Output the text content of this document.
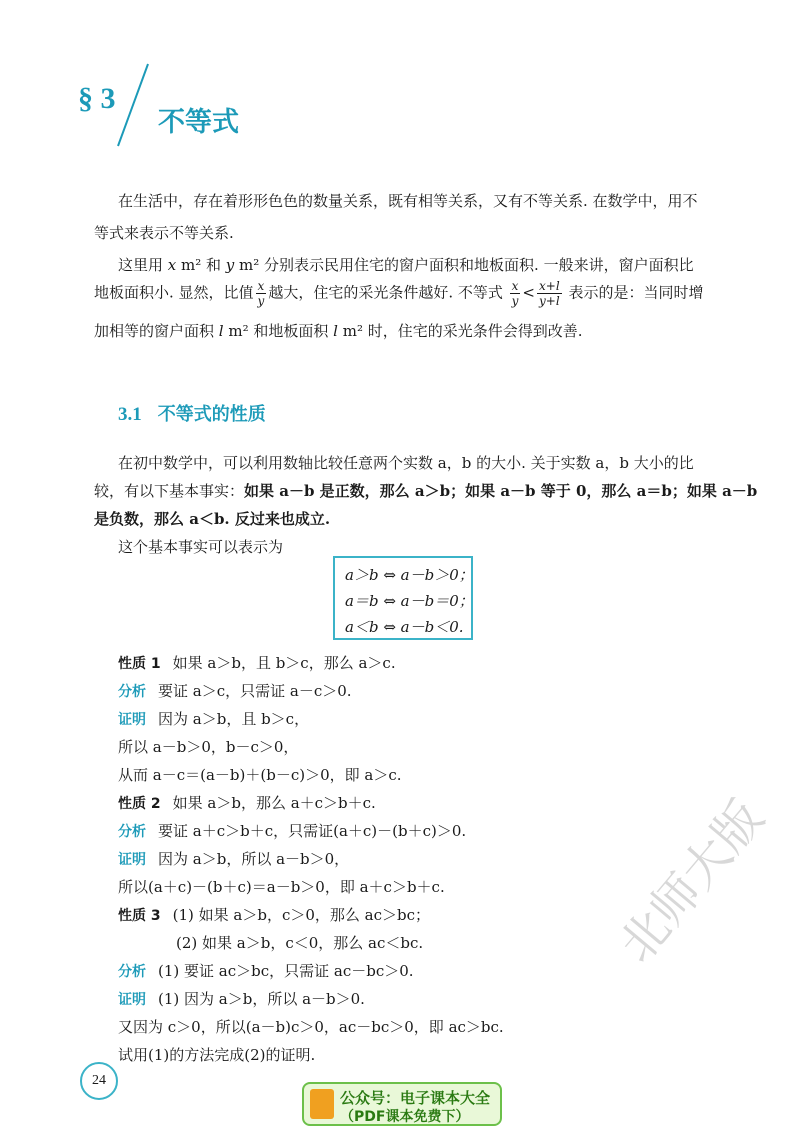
§ 3
不等式
在生活中，存在着形形色色的数量关系，既有相等关系，又有不等关系. 在数学中，用不
等式来表示不等关系.
这里用 x m² 和 y m² 分别表示民用住宅的窗户面积和地板面积. 一般来讲，窗户面积比
地板面积小. 显然，比值 $\frac{x}{y}$ 越大，住宅的采光条件越好. 不等式 $\frac{x}{y} < \frac{x+l}{y+l}$ 表示的是：当同时增
加相等的窗户面积 l m² 和地板面积 l m² 时，住宅的采光条件会得到改善.
3.1 不等式的性质
在初中数学中，可以利用数轴比较任意两个实数 a，b 的大小. 关于实数 a，b 大小的比
较，有以下基本事实：如果 a－b 是正数，那么 a＞b；如果 a－b 等于 0，那么 a＝b；如果 a－b
是负数，那么 a＜b. 反过来也成立.
这个基本事实可以表示为
a＞b ⇔ a－b＞0；
a＝b ⇔ a－b＝0；
a＜b ⇔ a－b＜0.
性质 1 如果 a＞b，且 b＞c，那么 a＞c.
分析 要证 a＞c，只需证 a－c＞0.
证明 因为 a＞b，且 b＞c，
所以 a－b＞0，b－c＞0，
从而 a－c＝(a－b)＋(b－c)＞0，即 a＞c.
性质 2 如果 a＞b，那么 a＋c＞b＋c.
分析 要证 a＋c＞b＋c，只需证(a＋c)－(b＋c)＞0.
证明 因为 a＞b，所以 a－b＞0，
所以(a＋c)－(b＋c)＝a－b＞0，即 a＋c＞b＋c.
性质 3 (1) 如果 a＞b，c＞0，那么 ac＞bc；
(2) 如果 a＞b，c＜0，那么 ac＜bc.
分析 (1) 要证 ac＞bc，只需证 ac－bc＞0.
证明 (1) 因为 a＞b，所以 a－b＞0.
又因为 c＞0，所以(a－b)c＞0，ac－bc＞0，即 ac＞bc.
试用(1)的方法完成(2)的证明.
24
公众号：电子课本大全
（PDF课本免费下）
北师大版
